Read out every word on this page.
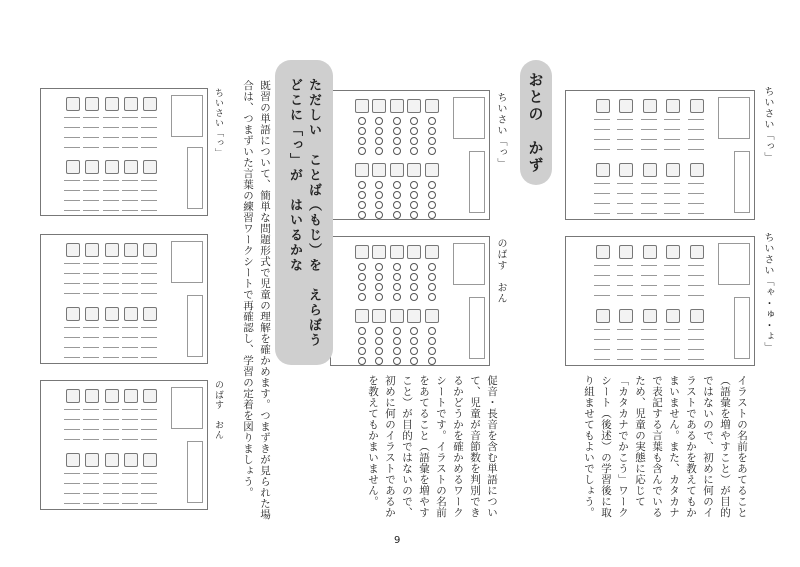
おとの　かず	ちいさい「っ」
ちいさい「ゃ・ゅ・ょ」
イラストの名前をあてること（語彙を増やすこと）が目的ではないので、初めに何のイラストであるかを教えてもかまいません。また、カタカナで表記する言葉も含んでいるため、児童の実態に応じて「カタカナでかこう」ワークシート（後述）の学習後に取り組ませてもよいでしょう。
ちいさい「っ」
のばす　おん
促音・長音を含む単語について、児童が音節数を判別できるかどうかを確かめるワークシートです。イラストの名前をあてること（語彙を増やすこと）が目的ではないので、初めに何のイラストであるかを教えてもかまいません。
ただしい　ことば（もじ）を　えらぼう
どこに「っ」が　はいるかな
既習の単語について、簡単な問題形式で児童の理解を確かめます。つまずきが見られた場合は、つまずいた言葉の練習ワークシートで再確認し、学習の定着を図りましょう。
ちいさい「っ」
のばす　おん
9
